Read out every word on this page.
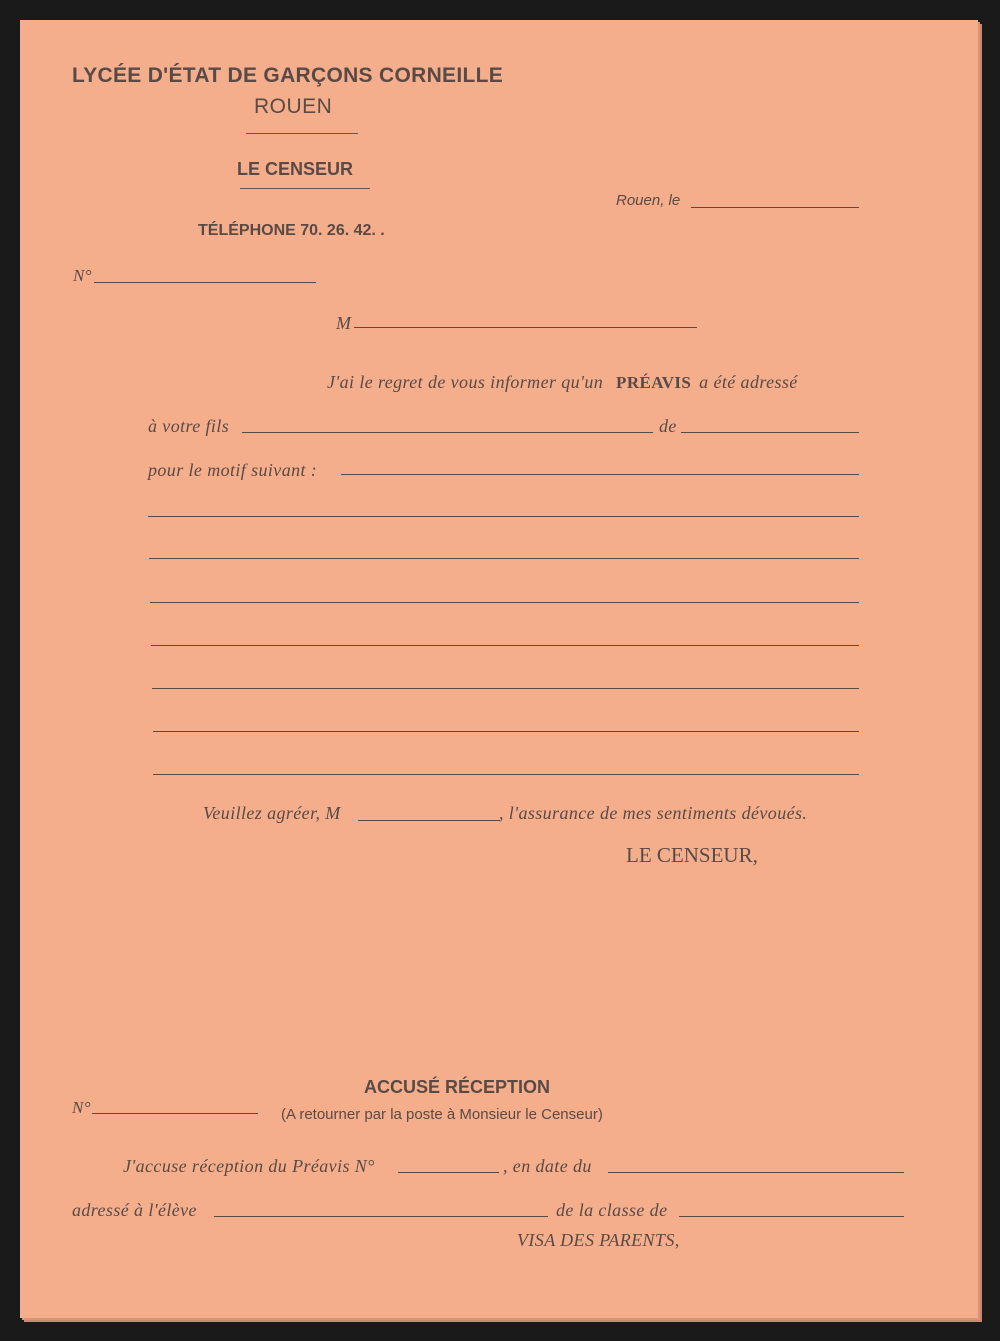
LYCÉE D'ÉTAT DE GARÇONS CORNEILLE
ROUEN
LE CENSEUR
TÉLÉPHONE 70. 26. 42. .
Rouen, le
N°
M
J'ai le regret de vous informer qu'un PRÉAVIS a été adressé
à votre fils	de
pour le motif suivant :
Veuillez agréer, M	, l'assurance de mes sentiments dévoués.
LE CENSEUR,
ACCUSÉ RÉCEPTION
N°	(A retourner par la poste à Monsieur le Censeur)
J'accuse réception du Préavis N°	, en date du
adressé à l'élève	de la classe de
VISA DES PARENTS,
